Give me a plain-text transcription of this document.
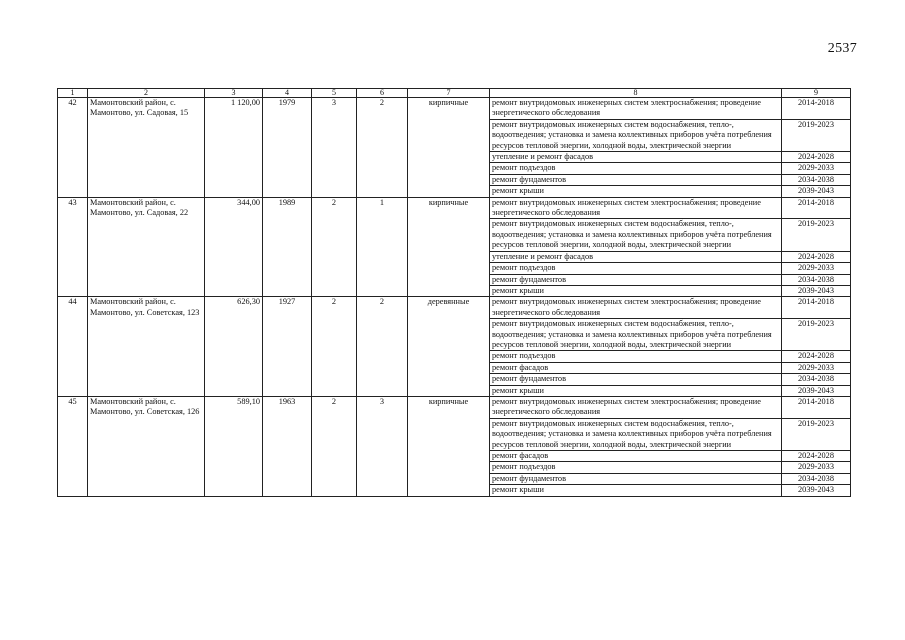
2537
1	2	3	4	5	6	7	8	9
42	Мамонтовский район, с. Мамонтово, ул. Садовая, 15	1 120,00	1979	3	2	кирпичные	ремонт внутридомовых инженерных систем электроснабжения; проведение энергетического обследования	2014-2018
							ремонт внутридомовых инженерных систем водоснабжения, тепло-, водоотведения; установка и замена коллективных приборов учёта потребления ресурсов тепловой энергии, холодной воды, электрической энергии	2019-2023
							утепление и ремонт фасадов	2024-2028
							ремонт подъездов	2029-2033
							ремонт фундаментов	2034-2038
							ремонт крыши	2039-2043
43	Мамонтовский район, с. Мамонтово, ул. Садовая, 22	344,00	1989	2	1	кирпичные	ремонт внутридомовых инженерных систем электроснабжения; проведение энергетического обследования	2014-2018
							ремонт внутридомовых инженерных систем водоснабжения, тепло-, водоотведения; установка и замена коллективных приборов учёта потребления ресурсов тепловой энергии, холодной воды, электрической энергии	2019-2023
							утепление и ремонт фасадов	2024-2028
							ремонт подъездов	2029-2033
							ремонт фундаментов	2034-2038
							ремонт крыши	2039-2043
44	Мамонтовский район, с. Мамонтово, ул. Советская, 123	626,30	1927	2	2	деревянные	ремонт внутридомовых инженерных систем электроснабжения; проведение энергетического обследования	2014-2018
							ремонт внутридомовых инженерных систем водоснабжения, тепло-, водоотведения; установка и замена коллективных приборов учёта потребления ресурсов тепловой энергии, холодной воды, электрической энергии	2019-2023
							ремонт подъездов	2024-2028
							ремонт фасадов	2029-2033
							ремонт фундаментов	2034-2038
							ремонт крыши	2039-2043
45	Мамонтовский район, с. Мамонтово, ул. Советская, 126	589,10	1963	2	3	кирпичные	ремонт внутридомовых инженерных систем электроснабжения; проведение энергетического обследования	2014-2018
							ремонт внутридомовых инженерных систем водоснабжения, тепло-, водоотведения; установка и замена коллективных приборов учёта потребления ресурсов тепловой энергии, холодной воды, электрической энергии	2019-2023
							ремонт фасадов	2024-2028
							ремонт подъездов	2029-2033
							ремонт фундаментов	2034-2038
							ремонт крыши	2039-2043
